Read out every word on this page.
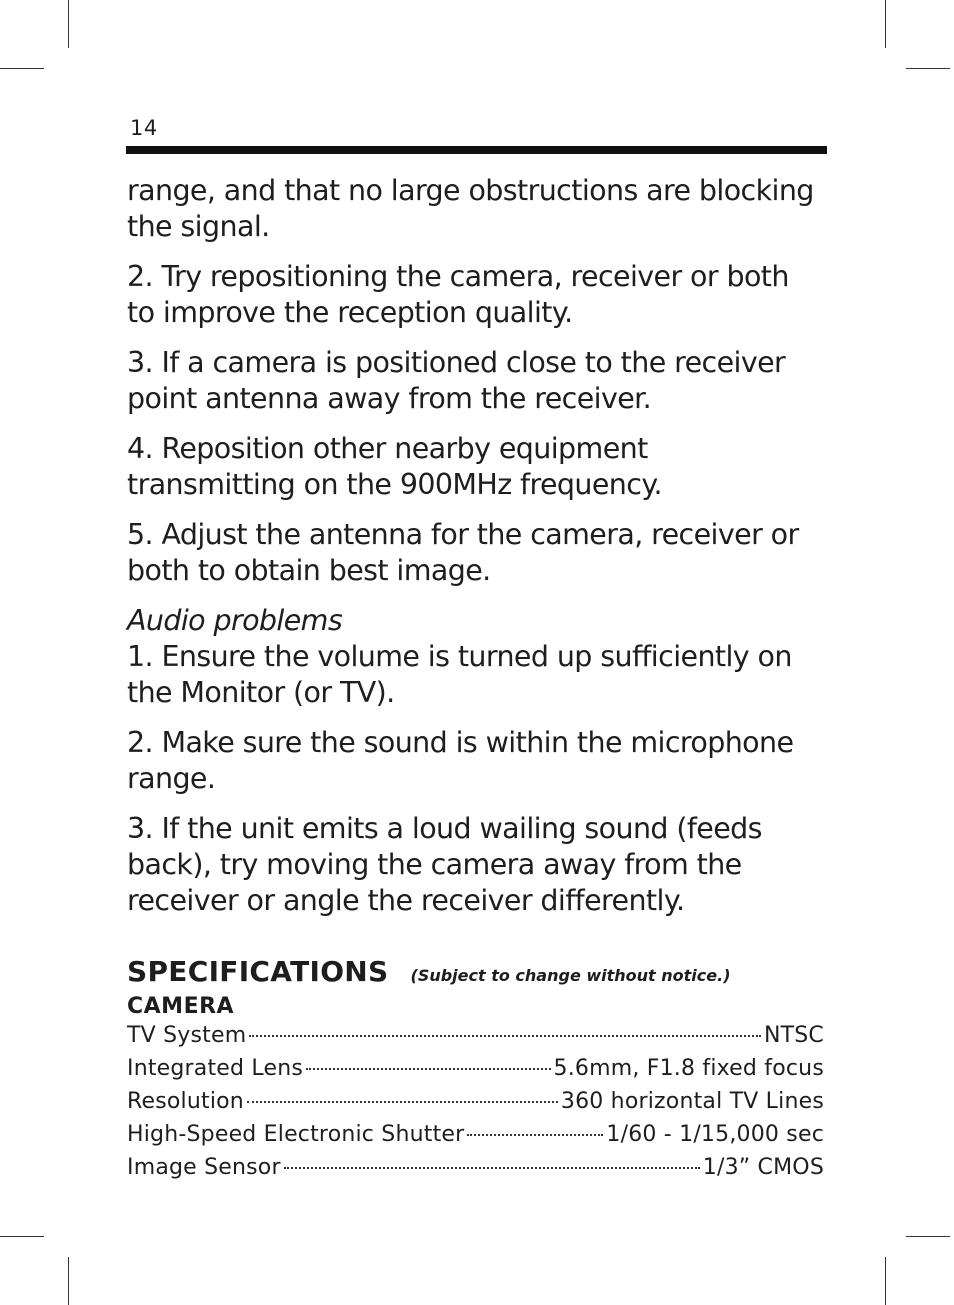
14

range, and that no large obstructions are blocking the signal.

2. Try repositioning the camera, receiver or both to improve the reception quality.

3. If a camera is positioned close to the receiver point antenna away from the receiver.

4. Reposition other nearby equipment transmitting on the 900MHz frequency.

5. Adjust the antenna for the camera, receiver or both to obtain best image.

Audio problems

1. Ensure the volume is turned up sufficiently on the Monitor (or TV).

2. Make sure the sound is within the microphone range.

3. If the unit emits a loud wailing sound (feeds back), try moving the camera away from the receiver or angle the receiver differently.

SPECIFICATIONS (Subject to change without notice.)
CAMERA
TV System	NTSC
Integrated Lens	5.6mm, F1.8 fixed focus
Resolution	360 horizontal TV Lines
High-Speed Electronic Shutter	1/60 - 1/15,000 sec
Image Sensor	1/3” CMOS
